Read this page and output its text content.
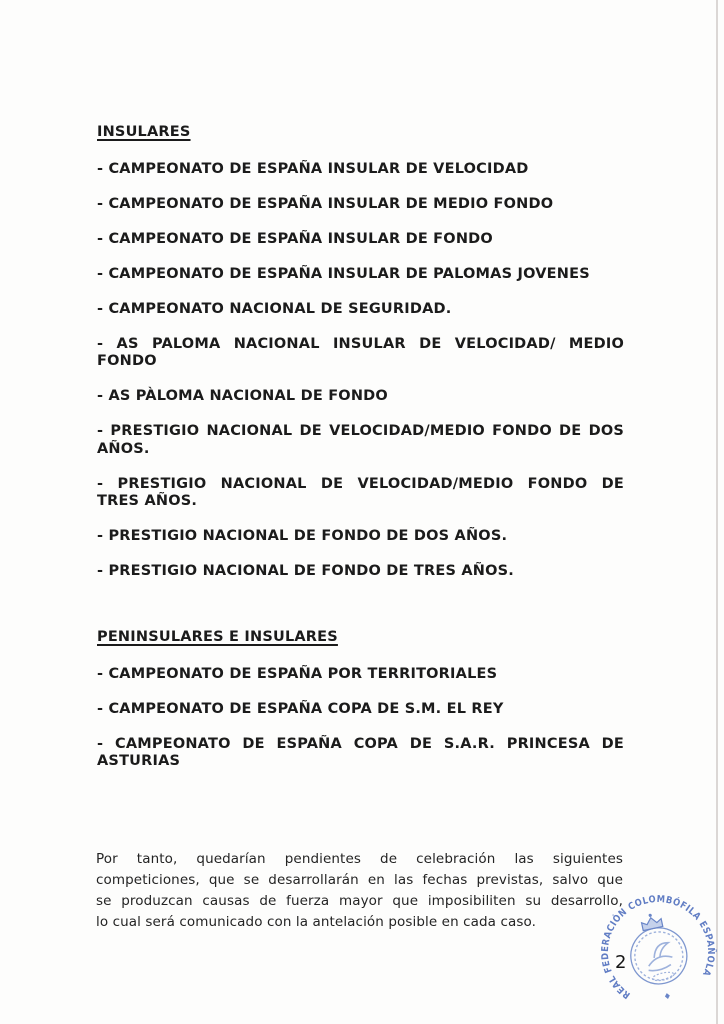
INSULARES
- CAMPEONATO DE ESPAÑA INSULAR DE VELOCIDAD
- CAMPEONATO DE ESPAÑA INSULAR DE MEDIO FONDO
- CAMPEONATO DE ESPAÑA INSULAR DE FONDO
- CAMPEONATO DE ESPAÑA INSULAR DE PALOMAS JOVENES
- CAMPEONATO NACIONAL DE SEGURIDAD.
- AS PALOMA NACIONAL INSULAR DE VELOCIDAD/ MEDIO
FONDO
- AS PÀLOMA NACIONAL DE FONDO
- PRESTIGIO NACIONAL DE VELOCIDAD/MEDIO FONDO DE DOS
AÑOS.
- PRESTIGIO NACIONAL DE VELOCIDAD/MEDIO FONDO DE
TRES AÑOS.
- PRESTIGIO NACIONAL DE FONDO DE DOS AÑOS.
- PRESTIGIO NACIONAL DE FONDO DE TRES AÑOS.
PENINSULARES E INSULARES
- CAMPEONATO DE ESPAÑA POR TERRITORIALES
- CAMPEONATO DE ESPAÑA COPA DE S.M. EL REY
- CAMPEONATO DE ESPAÑA COPA DE S.A.R. PRINCESA DE
ASTURIAS
Por tanto, quedarían pendientes de celebración las siguientes
competiciones, que se desarrollarán en las fechas previstas, salvo que
se produzcan causas de fuerza mayor que imposibiliten su desarrollo,
lo cual será comunicado con la antelación posible en cada caso.
2
REAL FEDERACIÓN COLOMBÓFILA ESPAÑOLA
